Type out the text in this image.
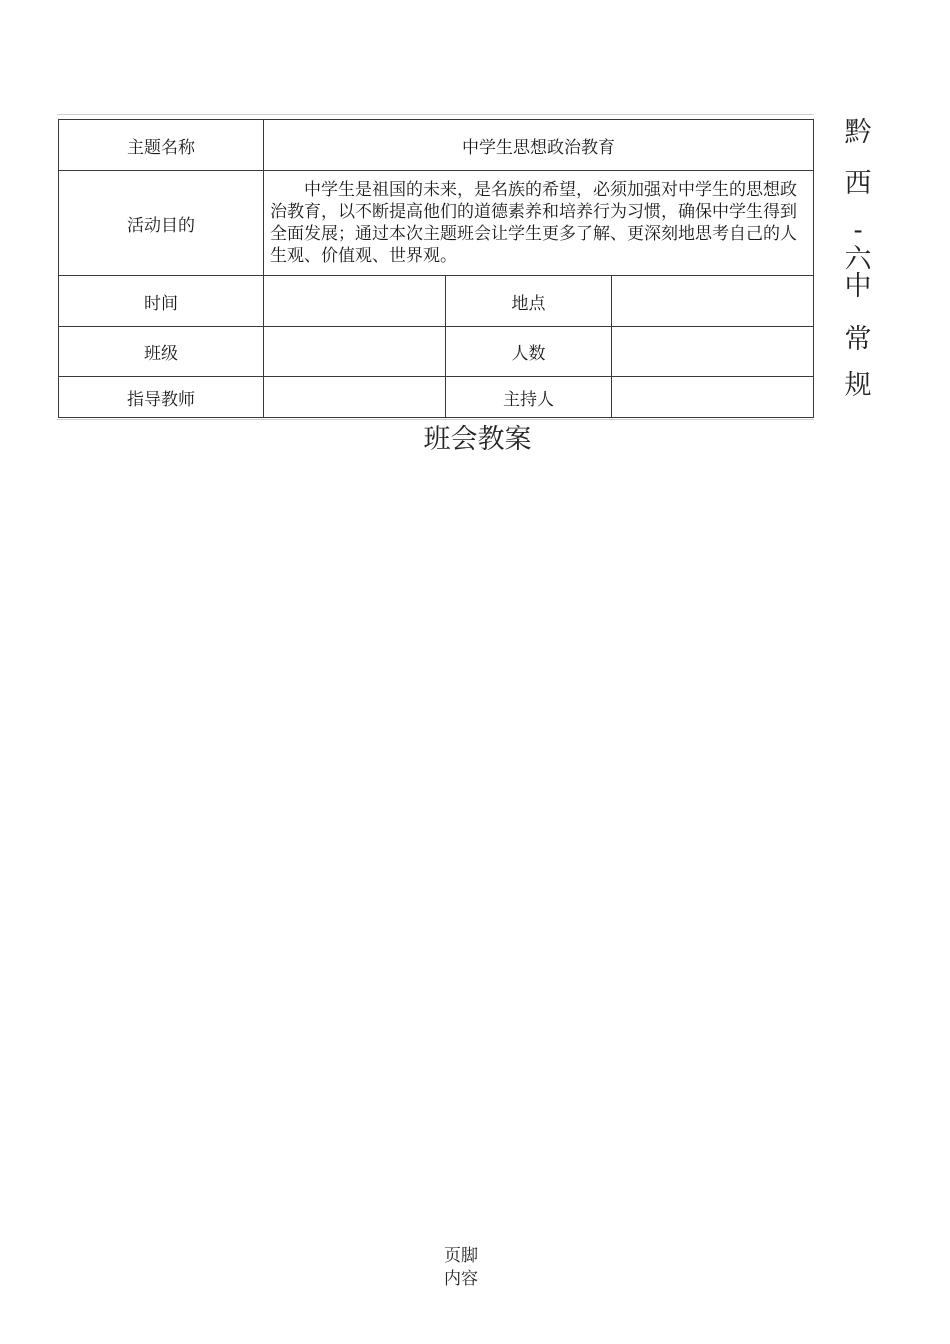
主题名称	中学生思想政治教育		
活动目的	中学生是祖国的未来，是名族的希望，必须加强对中学生的思想政治教育，以不断提高他们的道德素养和培养行为习惯，确保中学生得到全面发展；通过本次主题班会让学生更多了解、更深刻地思考自己的人生观、价值观、世界观。		
时间		地点	
班级		人数	
指导教师		主持人	
黔
西
-六
中
常
规
班会教案
页脚
内容
